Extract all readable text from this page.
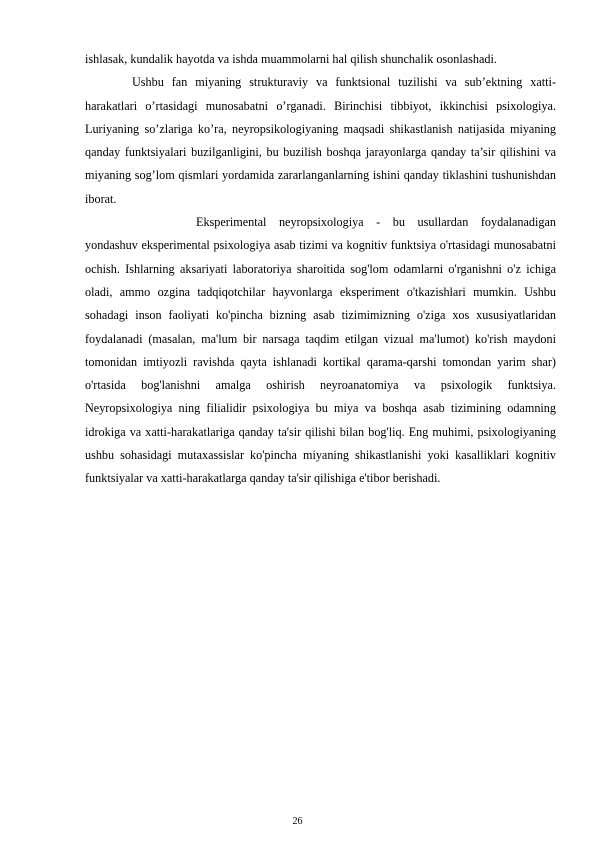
ishlasak, kundalik hayotda va ishda muammolarni hal qilish shunchalik osonlashadi.

Ushbu fan miyaning strukturaviy va funktsional tuzilishi va sub’ektning xatti-harakatlari o’rtasidagi munosabatni o’rganadi. Birinchisi tibbiyot, ikkinchisi psixologiya. Luriyaning so’zlariga ko’ra, neyropsikologiyaning maqsadi shikastlanish natijasida miyaning qanday funktsiyalari buzilganligini, bu buzilish boshqa jarayonlarga qanday ta’sir qilishini va miyaning sog’lom qismlari yordamida zararlanganlarning ishini qanday tiklashini tushunishdan iborat.

Eksperimental neyropsixologiya - bu usullardan foydalanadigan yondashuv eksperimental psixologiya asab tizimi va kognitiv funktsiya o'rtasidagi munosabatni ochish. Ishlarning aksariyati laboratoriya sharoitida sog'lom odamlarni o'rganishni o'z ichiga oladi, ammo ozgina tadqiqotchilar hayvonlarga eksperiment o'tkazishlari mumkin. Ushbu sohadagi inson faoliyati ko'pincha bizning asab tizimimizning o'ziga xos xususiyatlaridan foydalanadi (masalan, ma'lum bir narsaga taqdim etilgan vizual ma'lumot) ko'rish maydoni tomonidan imtiyozli ravishda qayta ishlanadi kortikal qarama-qarshi tomondan yarim shar) o'rtasida bog'lanishni amalga oshirish neyroanatomiya va psixologik funktsiya. Neyropsixologiya ning filialidir psixologiya bu miya va boshqa asab tizimining odamning idrokiga va xatti-harakatlariga qanday ta'sir qilishi bilan bog'liq. Eng muhimi, psixologiyaning ushbu sohasidagi mutaxassislar ko'pincha miyaning shikastlanishi yoki kasalliklari kognitiv funktsiyalar va xatti-harakatlarga qanday ta'sir qilishiga e'tibor berishadi.

26
